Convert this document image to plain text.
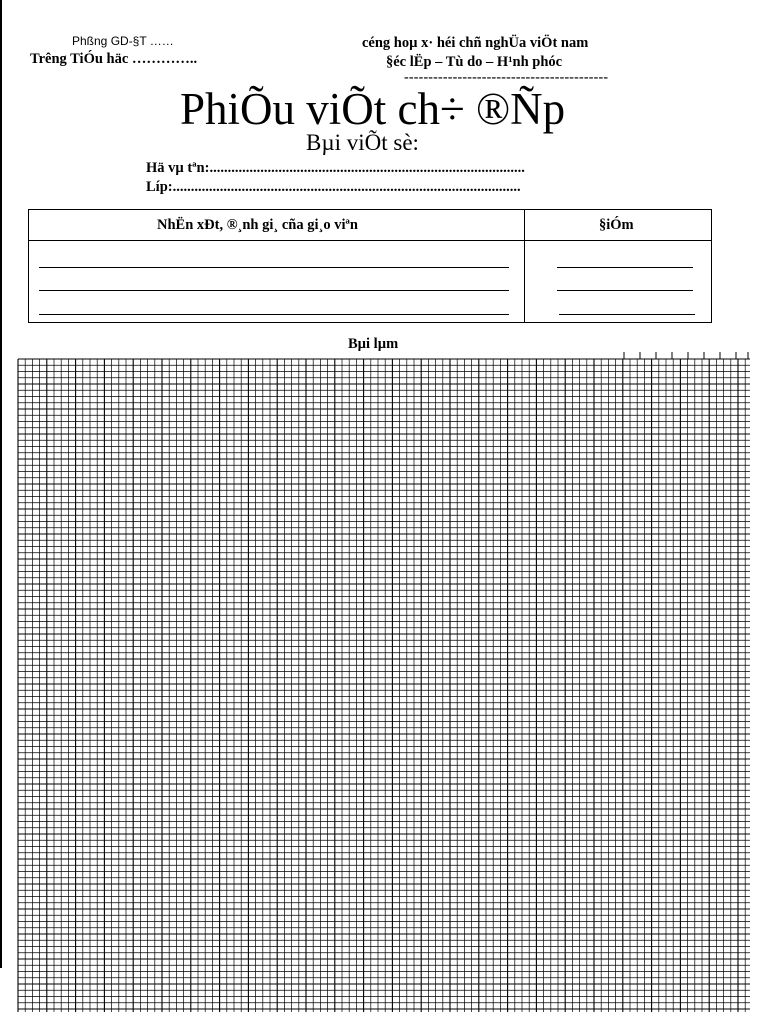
Phßng GD-§T ……
Trêng TiÓu häc …………..
céng hoµ x· héi chñ nghÜa viÖt nam
§éc lËp – Tù do – H¹nh phóc
------------------------------------------
PhiÕu viÕt ch÷ ®Ñp
Bµi viÕt sè:
Hä vµ tªn:.......................................................................................
Líp:................................................................................................
NhËn xÐt, ®¸nh gi¸ cña gi¸o viªn	§iÓm
Bµi lµm
